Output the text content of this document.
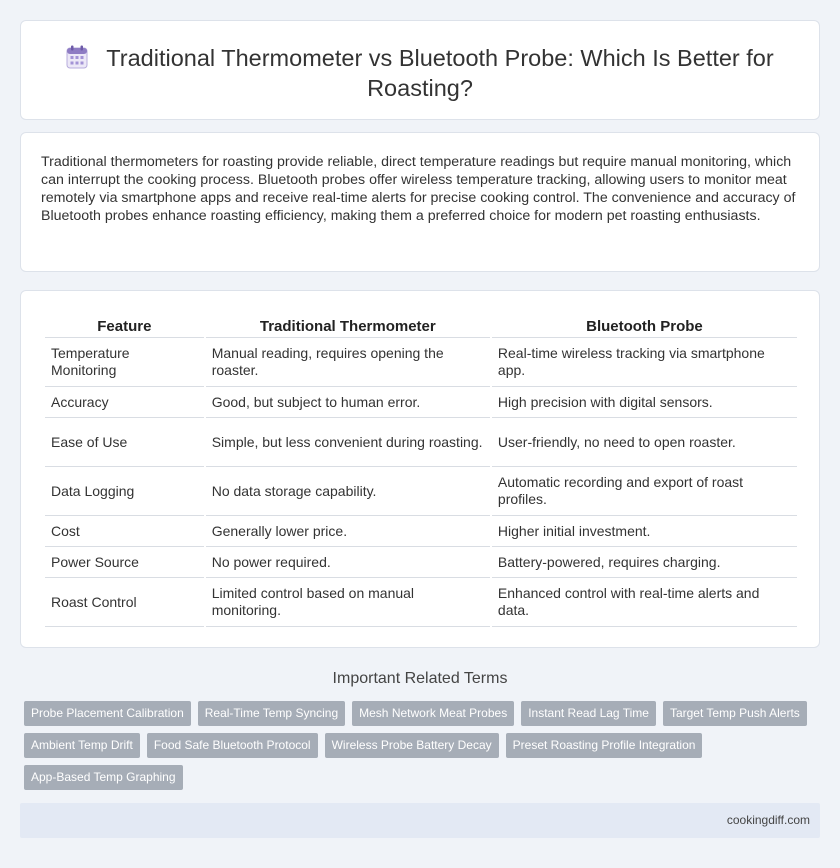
Traditional Thermometer vs Bluetooth Probe: Which Is Better for Roasting?

Traditional thermometers for roasting provide reliable, direct temperature readings but require manual monitoring, which can interrupt the cooking process. Bluetooth probes offer wireless temperature tracking, allowing users to monitor meat remotely via smartphone apps and receive real-time alerts for precise cooking control. The convenience and accuracy of Bluetooth probes enhance roasting efficiency, making them a preferred choice for modern pet roasting enthusiasts.

Feature	Traditional Thermometer	Bluetooth Probe
Temperature Monitoring	Manual reading, requires opening the roaster.	Real-time wireless tracking via smartphone app.
Accuracy	Good, but subject to human error.	High precision with digital sensors.
Ease of Use	Simple, but less convenient during roasting.	User-friendly, no need to open roaster.
Data Logging	No data storage capability.	Automatic recording and export of roast profiles.
Cost	Generally lower price.	Higher initial investment.
Power Source	No power required.	Battery-powered, requires charging.
Roast Control	Limited control based on manual monitoring.	Enhanced control with real-time alerts and data.
Important Related Terms
Probe Placement Calibration	Real-Time Temp Syncing	Mesh Network Meat Probes	Instant Read Lag Time	Target Temp Push Alerts
Ambient Temp Drift	Food Safe Bluetooth Protocol	Wireless Probe Battery Decay	Preset Roasting Profile Integration
App-Based Temp Graphing
cookingdiff.com
